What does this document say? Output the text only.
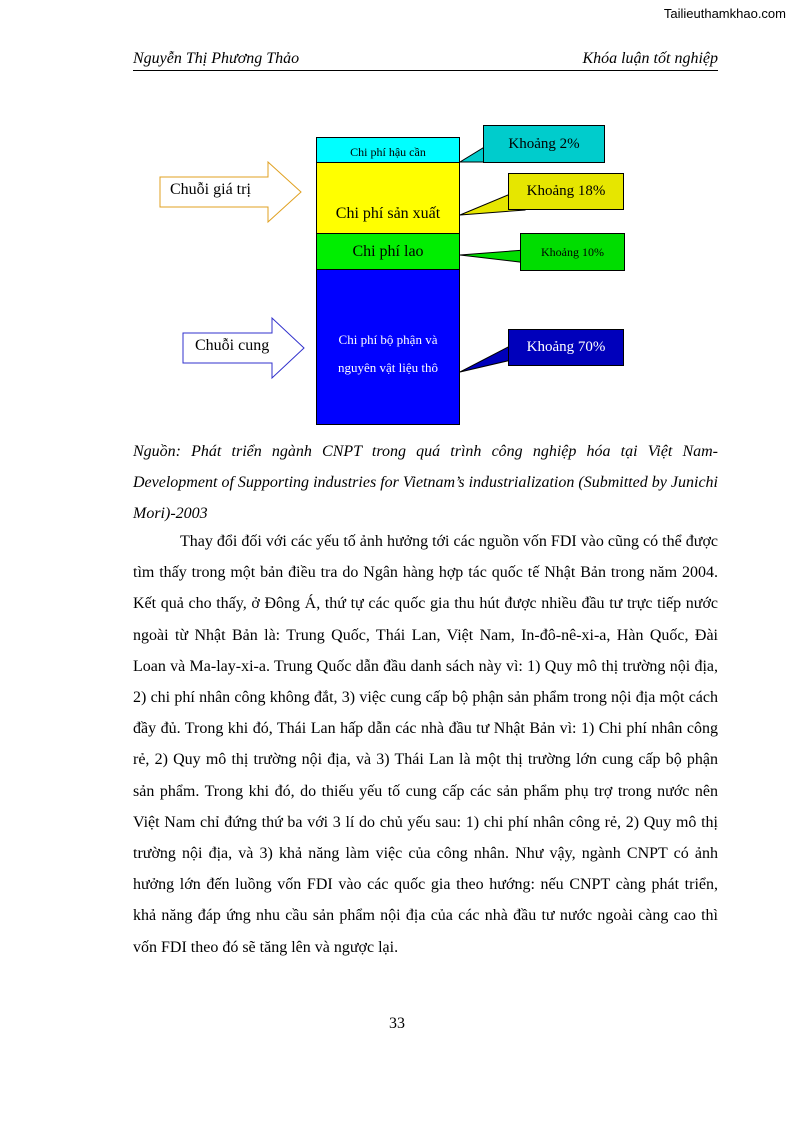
Tailieuthamkhao.com
Nguyễn Thị Phương Thảo	Khóa luận tốt nghiệp
Chuỗi giá trị
Chuỗi cung
Chi phí hậu cần
Chi phí sản xuất
Chi phí lao
Chi phí bộ phận và
nguyên vật liệu thô
Khoảng 2%
Khoảng 18%
Khoảng 10%
Khoảng 70%
Nguồn: Phát triển ngành CNPT trong quá trình công nghiệp hóa tại Việt Nam-Development of Supporting industries for Vietnam’s industrialization (Submitted by Junichi Mori)-2003
Thay đổi đối với các yếu tố ảnh hưởng tới các nguồn vốn FDI vào cũng có thể được tìm thấy trong một bản điều tra do Ngân hàng hợp tác quốc tế Nhật Bản trong năm 2004. Kết quả cho thấy, ở Đông Á, thứ tự các quốc gia thu hút được nhiều đầu tư trực tiếp nước ngoài từ Nhật Bản là: Trung Quốc, Thái Lan, Việt Nam, In-đô-nê-xi-a, Hàn Quốc, Đài Loan và Ma-lay-xi-a. Trung Quốc dẫn đầu danh sách này vì: 1) Quy mô thị trường nội địa, 2) chi phí nhân công không đắt, 3) việc cung cấp bộ phận sản phẩm trong nội địa một cách đầy đủ. Trong khi đó, Thái Lan hấp dẫn các nhà đầu tư Nhật Bản vì: 1) Chi phí nhân công rẻ, 2) Quy mô thị trường nội địa, và 3) Thái Lan là một thị trường lớn cung cấp bộ phận sản phẩm. Trong khi đó, do thiếu yếu tố cung cấp các sản phẩm phụ trợ trong nước nên Việt Nam chỉ đứng thứ ba với 3 lí do chủ yếu sau: 1) chi phí nhân công rẻ, 2) Quy mô thị trường nội địa, và 3) khả năng làm việc của công nhân. Như vậy, ngành CNPT có ảnh hưởng lớn đến luồng vốn FDI vào các quốc gia theo hướng: nếu CNPT càng phát triển, khả năng đáp ứng nhu cầu sản phẩm nội địa của các nhà đầu tư nước ngoài càng cao thì vốn FDI theo đó sẽ tăng lên và ngược lại.
33
